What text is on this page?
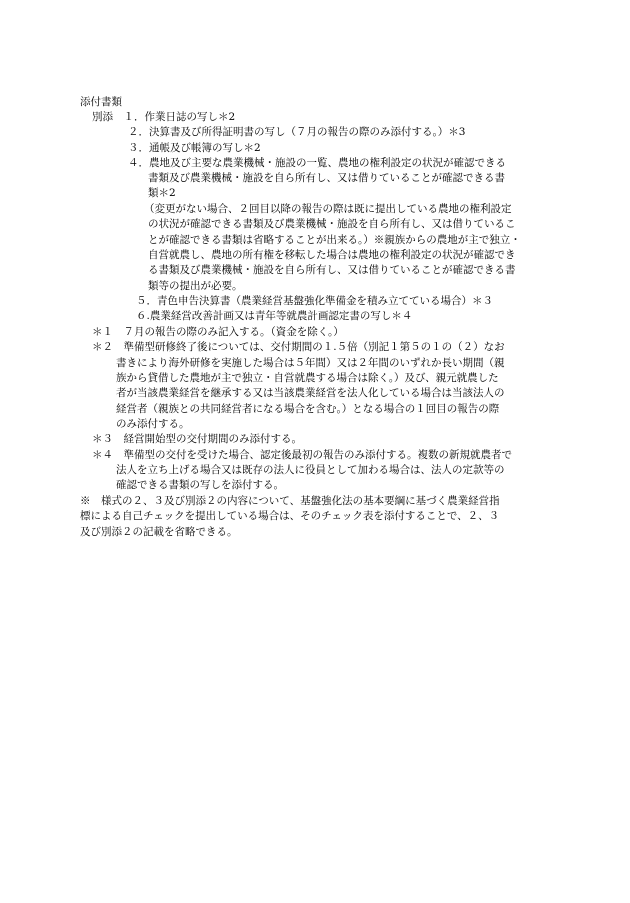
添付書類
別添　１．作業日誌の写し＊2
２．決算書及び所得証明書の写し（７月の報告の際のみ添付する。）＊3
３．通帳及び帳簿の写し＊2
４．農地及び主要な農業機械・施設の一覧、農地の権利設定の状況が確認できる
書類及び農業機械・施設を自ら所有し、又は借りていることが確認できる書
類＊2
（変更がない場合、２回目以降の報告の際は既に提出している農地の権利設定
の状況が確認できる書類及び農業機械・施設を自ら所有し、又は借りているこ
とが確認できる書類は省略することが出来る。）※親族からの農地が主で独立・
自営就農し、農地の所有権を移転した場合は農地の権利設定の状況が確認でき
る書類及び農業機械・施設を自ら所有し、又は借りていることが確認できる書
類等の提出が必要。
５．青色申告決算書（農業経営基盤強化準備金を積み立てている場合）＊３
６.農業経営改善計画又は青年等就農計画認定書の写し＊４
＊１　７月の報告の際のみ記入する。（資金を除く。）
＊２　準備型研修終了後については、交付期間の１.５倍（別記１第５の１の（２）なお
書きにより海外研修を実施した場合は５年間）又は２年間のいずれか長い期間（親
族から貸借した農地が主で独立・自営就農する場合は除く。）及び、親元就農した
者が当該農業経営を継承する又は当該農業経営を法人化している場合は当該法人の
経営者（親族との共同経営者になる場合を含む。）となる場合の１回目の報告の際
のみ添付する。
＊３　経営開始型の交付期間のみ添付する。
＊４　準備型の交付を受けた場合、認定後最初の報告のみ添付する。複数の新規就農者で
法人を立ち上げる場合又は既存の法人に役員として加わる場合は、法人の定款等の
確認できる書類の写しを添付する。
※　様式の２、３及び別添２の内容について、基盤強化法の基本要綱に基づく農業経営指
標による自己チェックを提出している場合は、そのチェック表を添付することで、２、３
及び別添２の記載を省略できる。
